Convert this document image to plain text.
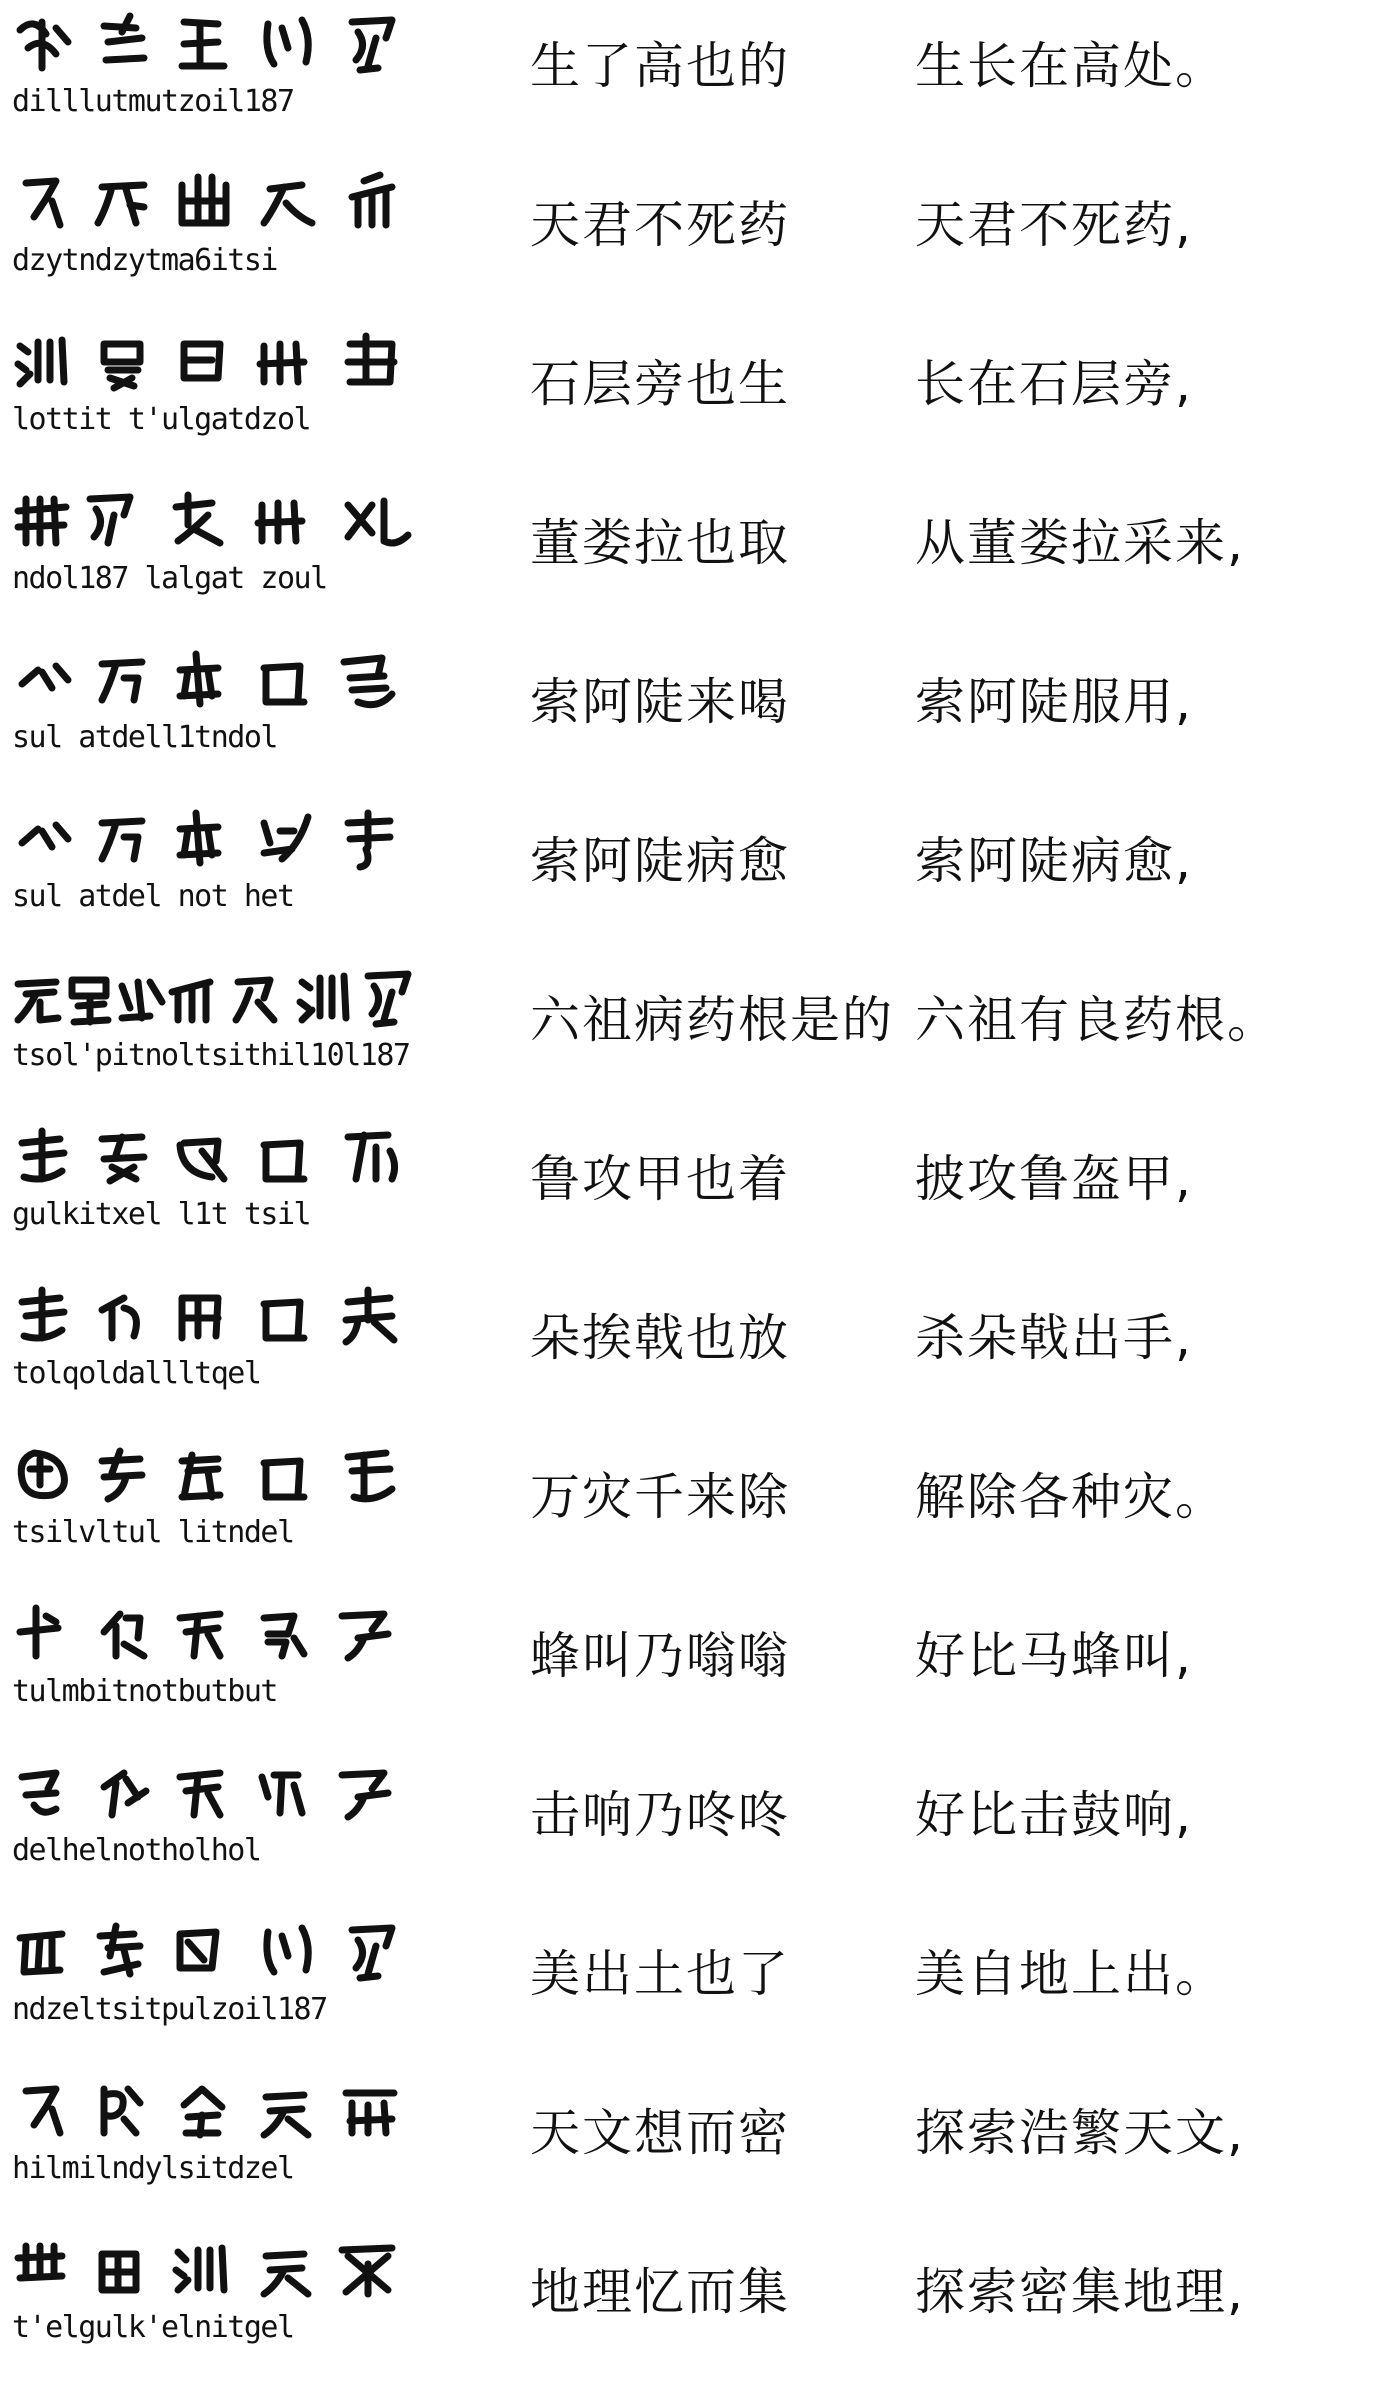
dilllutmutzoil187
生了高也的	生长在高处。
dzytndzytma6itsi
天君不死药	天君不死药,
lottit t'ulgatdzol
石层旁也生	长在石层旁,
ndol187 lalgat zoul
董娄拉也取	从董娄拉采来,
sul atdell1tndol
索阿陡来喝	索阿陡服用,
sul atdel not het
索阿陡病愈	索阿陡病愈,
tsol'pitnoltsithil10l187
六祖病药根是的 六祖有良药根。
gulkitxel l1t tsil
鲁攻甲也着	披攻鲁盔甲,
tolqoldallltqel
朵挨戟也放	杀朵戟出手,
tsilvltul litndel
万灾千来除	解除各种灾。
tulmbitnotbutbut
蜂叫乃嗡嗡	好比马蜂叫,
delhelnotholhol
击响乃咚咚	好比击鼓响,
ndzeltsitpulzoil187
美出土也了	美自地上出。
hilmilndylsitdzel
天文想而密	探索浩繁天文,
t'elgulk'elnitgel
地理忆而集	探索密集地理,
